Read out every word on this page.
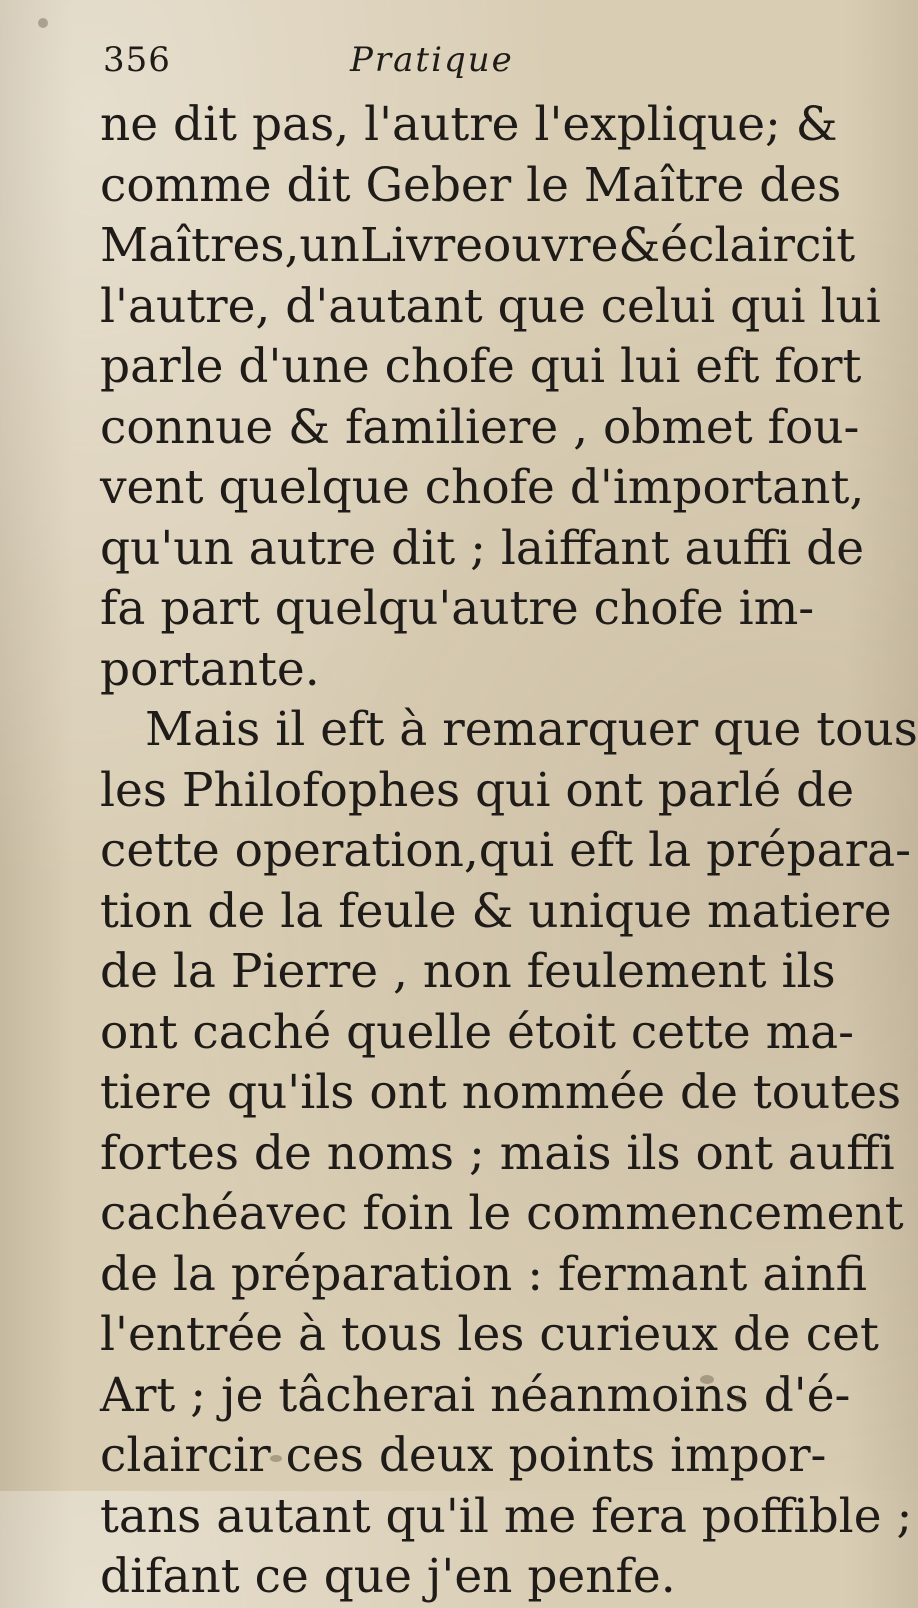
356	Pratique
ne dit pas, l'autre l'explique; &
comme dit Geber le Maître des
Maîtres,unLivreouvre&éclaircit
l'autre, d'autant que celui qui lui
parle d'une chofe qui lui eft fort
connue & familiere , obmet fou-
vent quelque chofe d'important,
qu'un autre dit ; laiffant auffi de
fa part quelqu'autre chofe im-
portante.
Mais il eft à remarquer que tous
les Philofophes qui ont parlé de
cette operation,qui eft la prépara-
tion de la feule & unique matiere
de la Pierre , non feulement ils
ont caché quelle étoit cette ma-
tiere qu'ils ont nommée de toutes
fortes de noms ; mais ils ont auffi
cachéavec foin le commencement
de la préparation : fermant ainfi
l'entrée à tous les curieux de cet
Art ; je tâcherai néanmoins d'é-
claircir ces deux points impor-
tans autant qu'il me fera poffible ;
difant ce que j'en penfe.
